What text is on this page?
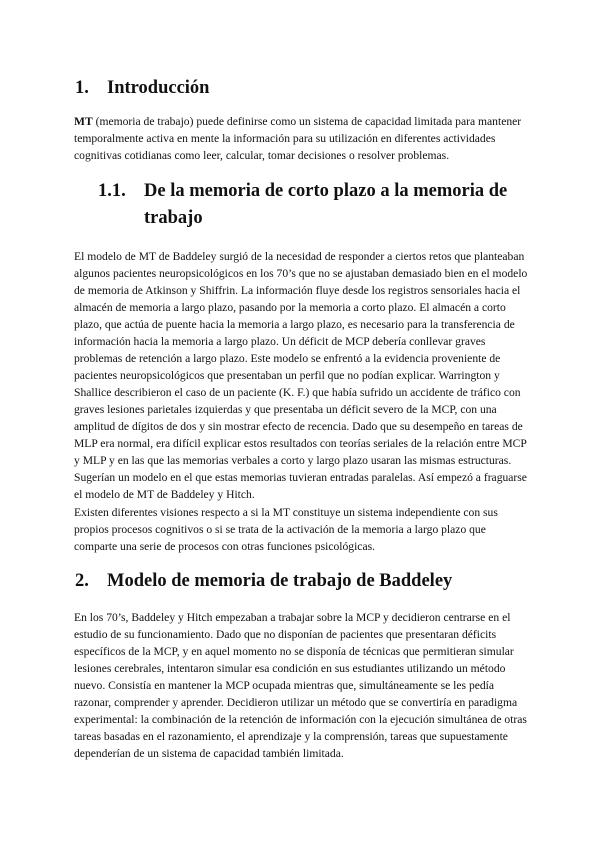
1. Introducción

MT (memoria de trabajo) puede definirse como un sistema de capacidad limitada para mantener temporalmente activa en mente la información para su utilización en diferentes actividades cognitivas cotidianas como leer, calcular, tomar decisiones o resolver problemas.

1.1. De la memoria de corto plazo a la memoria de trabajo

El modelo de MT de Baddeley surgió de la necesidad de responder a ciertos retos que planteaban algunos pacientes neuropsicológicos en los 70’s que no se ajustaban demasiado bien en el modelo de memoria de Atkinson y Shiffrin. La información fluye desde los registros sensoriales hacia el almacén de memoria a largo plazo, pasando por la memoria a corto plazo. El almacén a corto plazo, que actúa de puente hacia la memoria a largo plazo, es necesario para la transferencia de información hacia la memoria a largo plazo. Un déficit de MCP debería conllevar graves problemas de retención a largo plazo. Este modelo se enfrentó a la evidencia proveniente de pacientes neuropsicológicos que presentaban un perfil que no podían explicar. Warrington y Shallice describieron el caso de un paciente (K. F.) que había sufrido un accidente de tráfico con graves lesiones parietales izquierdas y que presentaba un déficit severo de la MCP, con una amplitud de dígitos de dos y sin mostrar efecto de recencia. Dado que su desempeño en tareas de MLP era normal, era difícil explicar estos resultados con teorías seriales de la relación entre MCP y MLP y en las que las memorias verbales a corto y largo plazo usaran las mismas estructuras. Sugerían un modelo en el que estas memorias tuvieran entradas paralelas. Así empezó a fraguarse el modelo de MT de Baddeley y Hitch.

Existen diferentes visiones respecto a si la MT constituye un sistema independiente con sus propios procesos cognitivos o si se trata de la activación de la memoria a largo plazo que comparte una serie de procesos con otras funciones psicológicas.

2. Modelo de memoria de trabajo de Baddeley

En los 70’s, Baddeley y Hitch empezaban a trabajar sobre la MCP y decidieron centrarse en el estudio de su funcionamiento. Dado que no disponían de pacientes que presentaran déficits específicos de la MCP, y en aquel momento no se disponía de técnicas que permitieran simular lesiones cerebrales, intentaron simular esa condición en sus estudiantes utilizando un método nuevo. Consistía en mantener la MCP ocupada mientras que, simultáneamente se les pedía razonar, comprender y aprender. Decidieron utilizar un método que se convertiría en paradigma experimental: la combinación de la retención de información con la ejecución simultánea de otras tareas basadas en el razonamiento, el aprendizaje y la comprensión, tareas que supuestamente dependerían de un sistema de capacidad también limitada.
